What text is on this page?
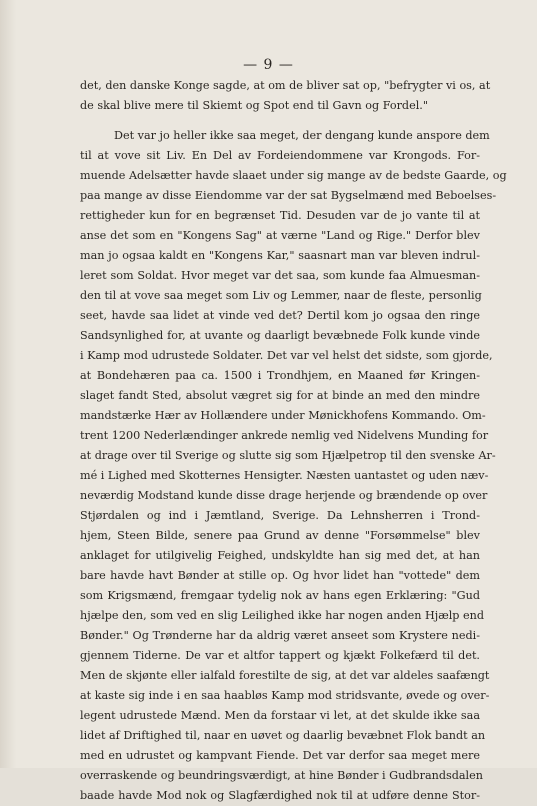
— 9 —

det, den danske Konge sagde, at om de bliver sat op, "befrygter vi os, at
de skal blive mere til Skiemt og Spot end til Gavn og Fordel."

Det var jo heller ikke saa meget, der dengang kunde anspore dem
til at vove sit Liv. En Del av Fordeiendommene var Krongods. For-
muende Adelsætter havde slaaet under sig mange av de bedste Gaarde, og
paa mange av disse Eiendomme var der sat Bygselmænd med Beboelses-
rettigheder kun for en begrænset Tid. Desuden var de jo vante til at
anse det som en "Kongens Sag" at værne "Land og Rige." Derfor blev
man jo ogsaa kaldt en "Kongens Kar," saasnart man var bleven indrul-
leret som Soldat. Hvor meget var det saa, som kunde faa Almuesman-
den til at vove saa meget som Liv og Lemmer, naar de fleste, personlig
seet, havde saa lidet at vinde ved det? Dertil kom jo ogsaa den ringe
Sandsynlighed for, at uvante og daarligt bevæbnede Folk kunde vinde
i Kamp mod udrustede Soldater. Det var vel helst det sidste, som gjorde,
at Bondehæren paa ca. 1500 i Trondhjem, en Maaned før Kringen-
slaget fandt Sted, absolut vægret sig for at binde an med den mindre
mandstærke Hær av Hollændere under Mønickhofens Kommando. Om-
trent 1200 Nederlændinger ankrede nemlig ved Nidelvens Munding for
at drage over til Sverige og slutte sig som Hjælpetrop til den svenske Ar-
mé i Lighed med Skotternes Hensigter. Næsten uantastet og uden næv-
neværdig Modstand kunde disse drage herjende og brændende op over
Stjørdalen og ind i Jæmtland, Sverige. Da Lehnsherren i Trond-
hjem, Steen Bilde, senere paa Grund av denne "Forsømmelse" blev
anklaget for utilgivelig Feighed, undskyldte han sig med det, at han
bare havde havt Bønder at stille op. Og hvor lidet han "vottede" dem
som Krigsmænd, fremgaar tydelig nok av hans egen Erklæring: "Gud
hjælpe den, som ved en slig Leilighed ikke har nogen anden Hjælp end
Bønder." Og Trønderne har da aldrig været anseet som Krystere nedi-
gjennem Tiderne. De var et altfor tappert og kjækt Folkefærd til det.
Men de skjønte eller ialfald forestilte de sig, at det var aldeles saafængt
at kaste sig inde i en saa haabløs Kamp mod stridsvante, øvede og over-
legent udrustede Mænd. Men da forstaar vi let, at det skulde ikke saa
lidet af Driftighed til, naar en uøvet og daarlig bevæbnet Flok bandt an
med en udrustet og kampvant Fiende. Det var derfor saa meget mere
overraskende og beundringsværdigt, at hine Bønder i Gudbrandsdalen
baade havde Mod nok og Slagfærdighed nok til at udføre denne Stor-
